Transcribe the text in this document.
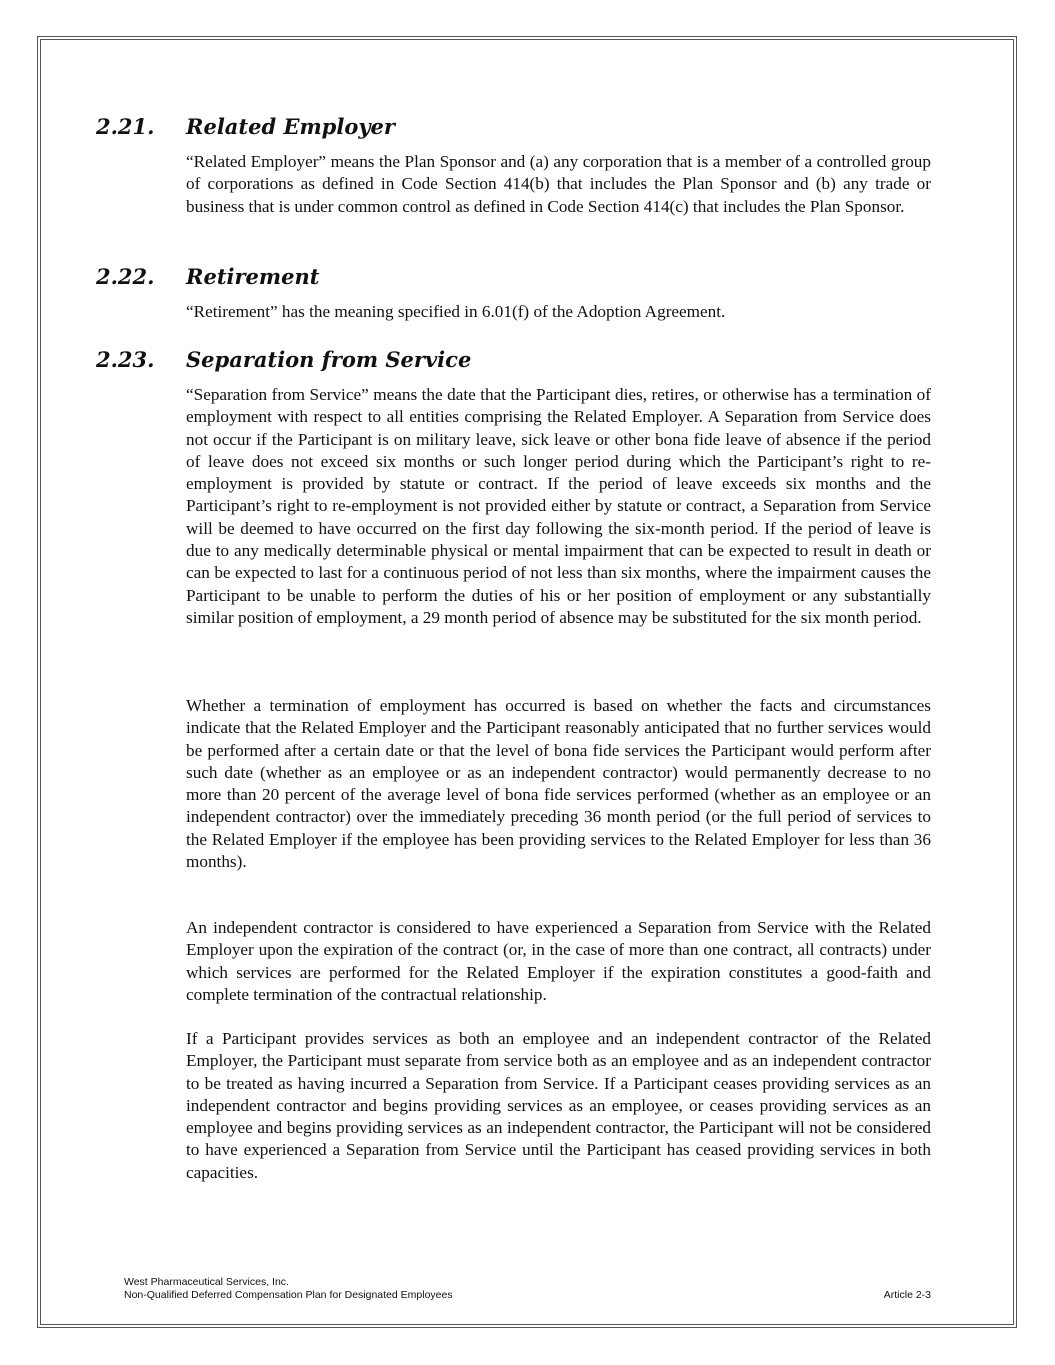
2.21. Related Employer

“Related Employer” means the Plan Sponsor and (a) any corporation that is a member of a controlled group of corporations as defined in Code Section 414(b) that includes the Plan Sponsor and (b) any trade or business that is under common control as defined in Code Section 414(c) that includes the Plan Sponsor.

2.22. Retirement

“Retirement” has the meaning specified in 6.01(f) of the Adoption Agreement.

2.23. Separation from Service

“Separation from Service” means the date that the Participant dies, retires, or otherwise has a termination of employment with respect to all entities comprising the Related Employer. A Separation from Service does not occur if the Participant is on military leave, sick leave or other bona fide leave of absence if the period of leave does not exceed six months or such longer period during which the Participant’s right to re-employment is provided by statute or contract. If the period of leave exceeds six months and the Participant’s right to re-employment is not provided either by statute or contract, a Separation from Service will be deemed to have occurred on the first day following the six-month period. If the period of leave is due to any medically determinable physical or mental impairment that can be expected to result in death or can be expected to last for a continuous period of not less than six months, where the impairment causes the Participant to be unable to perform the duties of his or her position of employment or any substantially similar position of employment, a 29 month period of absence may be substituted for the six month period.

Whether a termination of employment has occurred is based on whether the facts and circumstances indicate that the Related Employer and the Participant reasonably anticipated that no further services would be performed after a certain date or that the level of bona fide services the Participant would perform after such date (whether as an employee or as an independent contractor) would permanently decrease to no more than 20 percent of the average level of bona fide services performed (whether as an employee or an independent contractor) over the immediately preceding 36 month period (or the full period of services to the Related Employer if the employee has been providing services to the Related Employer for less than 36 months).

An independent contractor is considered to have experienced a Separation from Service with the Related Employer upon the expiration of the contract (or, in the case of more than one contract, all contracts) under which services are performed for the Related Employer if the expiration constitutes a good-faith and complete termination of the contractual relationship.

If a Participant provides services as both an employee and an independent contractor of the Related Employer, the Participant must separate from service both as an employee and as an independent contractor to be treated as having incurred a Separation from Service. If a Participant ceases providing services as an independent contractor and begins providing services as an employee, or ceases providing services as an employee and begins providing services as an independent contractor, the Participant will not be considered to have experienced a Separation from Service until the Participant has ceased providing services in both capacities.

West Pharmaceutical Services, Inc.
Non-Qualified Deferred Compensation Plan for Designated Employees	Article 2-3
